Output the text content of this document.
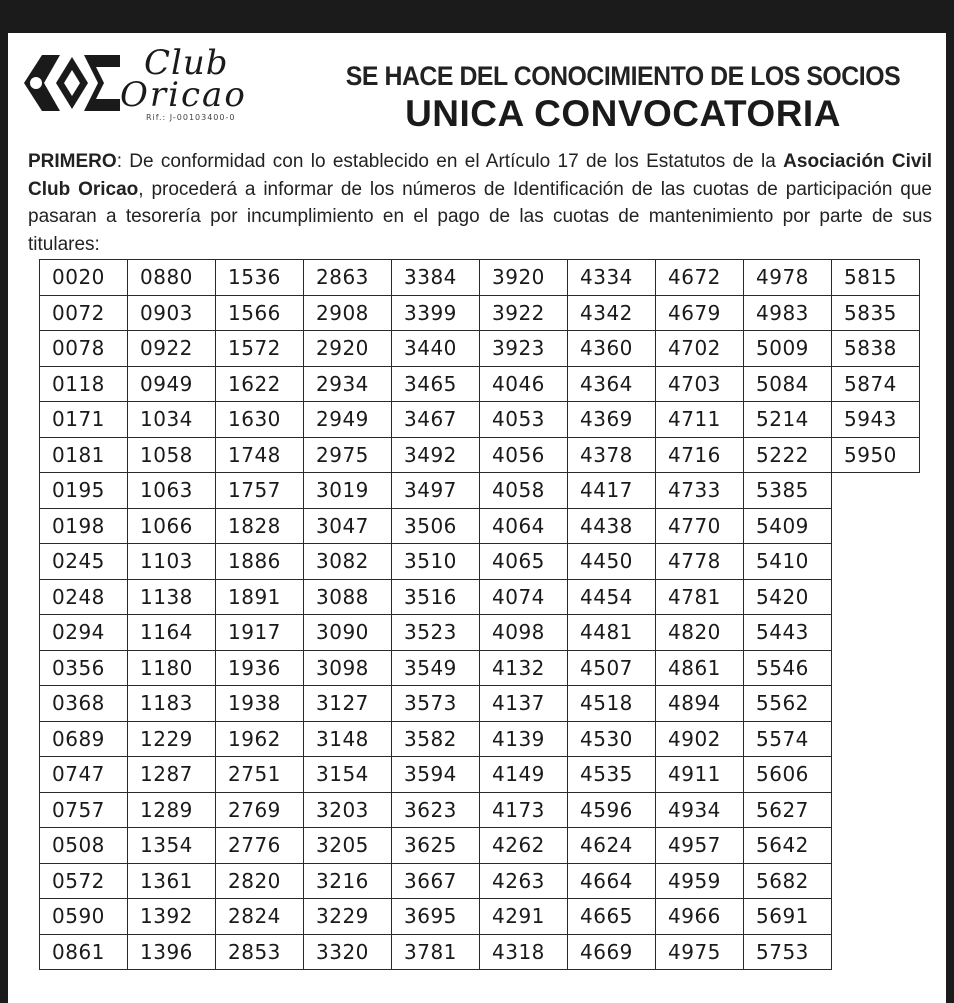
Club
Oricao
Rif.: J-00103400-0
SE HACE DEL CONOCIMIENTO DE LOS SOCIOS
UNICA CONVOCATORIA

PRIMERO: De conformidad con lo establecido en el Artículo 17 de los Estatutos de la Asociación Civil Club Oricao, procederá a informar de los números de Identificación de las cuotas de participación que pasaran a tesorería por incumplimiento en el pago de las cuotas de mantenimiento por parte de sus titulares:

0020	0880	1536	2863	3384	3920	4334	4672	4978	5815
0072	0903	1566	2908	3399	3922	4342	4679	4983	5835
0078	0922	1572	2920	3440	3923	4360	4702	5009	5838
0118	0949	1622	2934	3465	4046	4364	4703	5084	5874
0171	1034	1630	2949	3467	4053	4369	4711	5214	5943
0181	1058	1748	2975	3492	4056	4378	4716	5222	5950
0195	1063	1757	3019	3497	4058	4417	4733	5385	
0198	1066	1828	3047	3506	4064	4438	4770	5409	
0245	1103	1886	3082	3510	4065	4450	4778	5410	
0248	1138	1891	3088	3516	4074	4454	4781	5420	
0294	1164	1917	3090	3523	4098	4481	4820	5443	
0356	1180	1936	3098	3549	4132	4507	4861	5546	
0368	1183	1938	3127	3573	4137	4518	4894	5562	
0689	1229	1962	3148	3582	4139	4530	4902	5574	
0747	1287	2751	3154	3594	4149	4535	4911	5606	
0757	1289	2769	3203	3623	4173	4596	4934	5627	
0508	1354	2776	3205	3625	4262	4624	4957	5642	
0572	1361	2820	3216	3667	4263	4664	4959	5682	
0590	1392	2824	3229	3695	4291	4665	4966	5691	
0861	1396	2853	3320	3781	4318	4669	4975	5753	
